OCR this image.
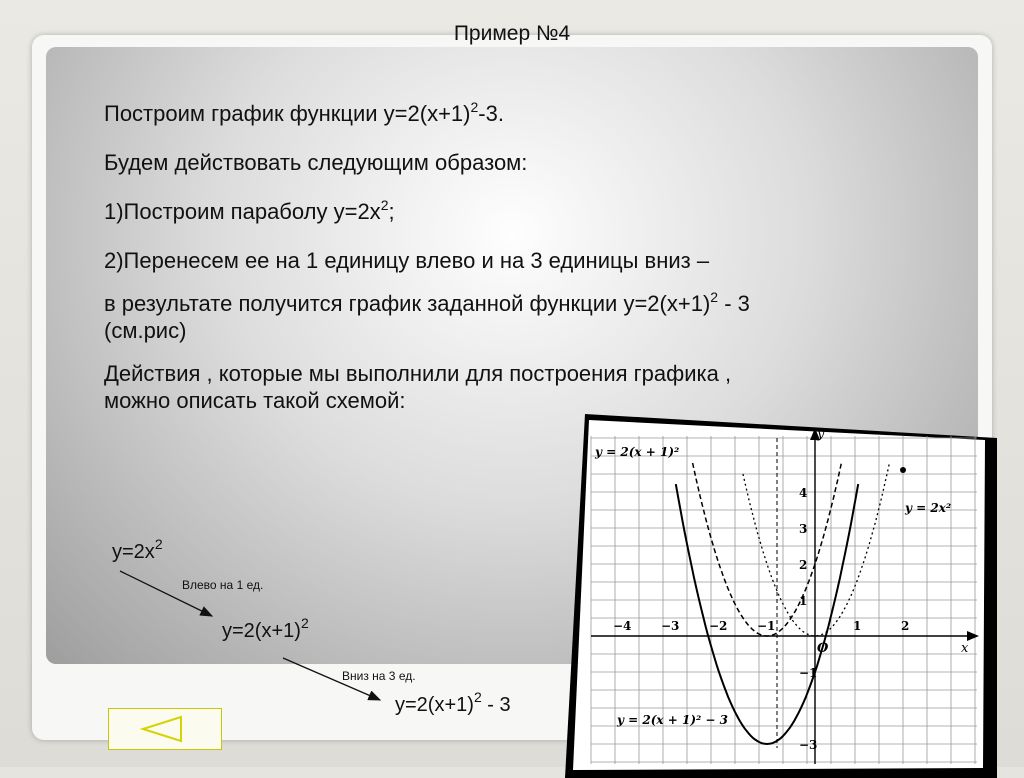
Пример №4

Построим график функции $у=2(х+1)^2-3$.

Будем действовать следующим образом:

1)Построим параболу $у=2х^2$;

2)Перенесем ее на 1 единицу влево и на 3 единицы вниз –

в результате получится график заданной функции $у=2(х+1)^2 - 3$
(см.рис)

Действия , которые мы выполнили для построения графика ,
можно описать такой схемой:

$у=2х^2$
Влево на 1 ед.
$у=2(х+1)^2$
Вниз на 3 ед.
$у=2(х+1)^2 - 3$
y = 2(x + 1)²
y = 2x²
y = 2(x + 1)² − 3
y
x
O
−4 −3 −2 −1	1	2
4
3
2
1
−1
−3
